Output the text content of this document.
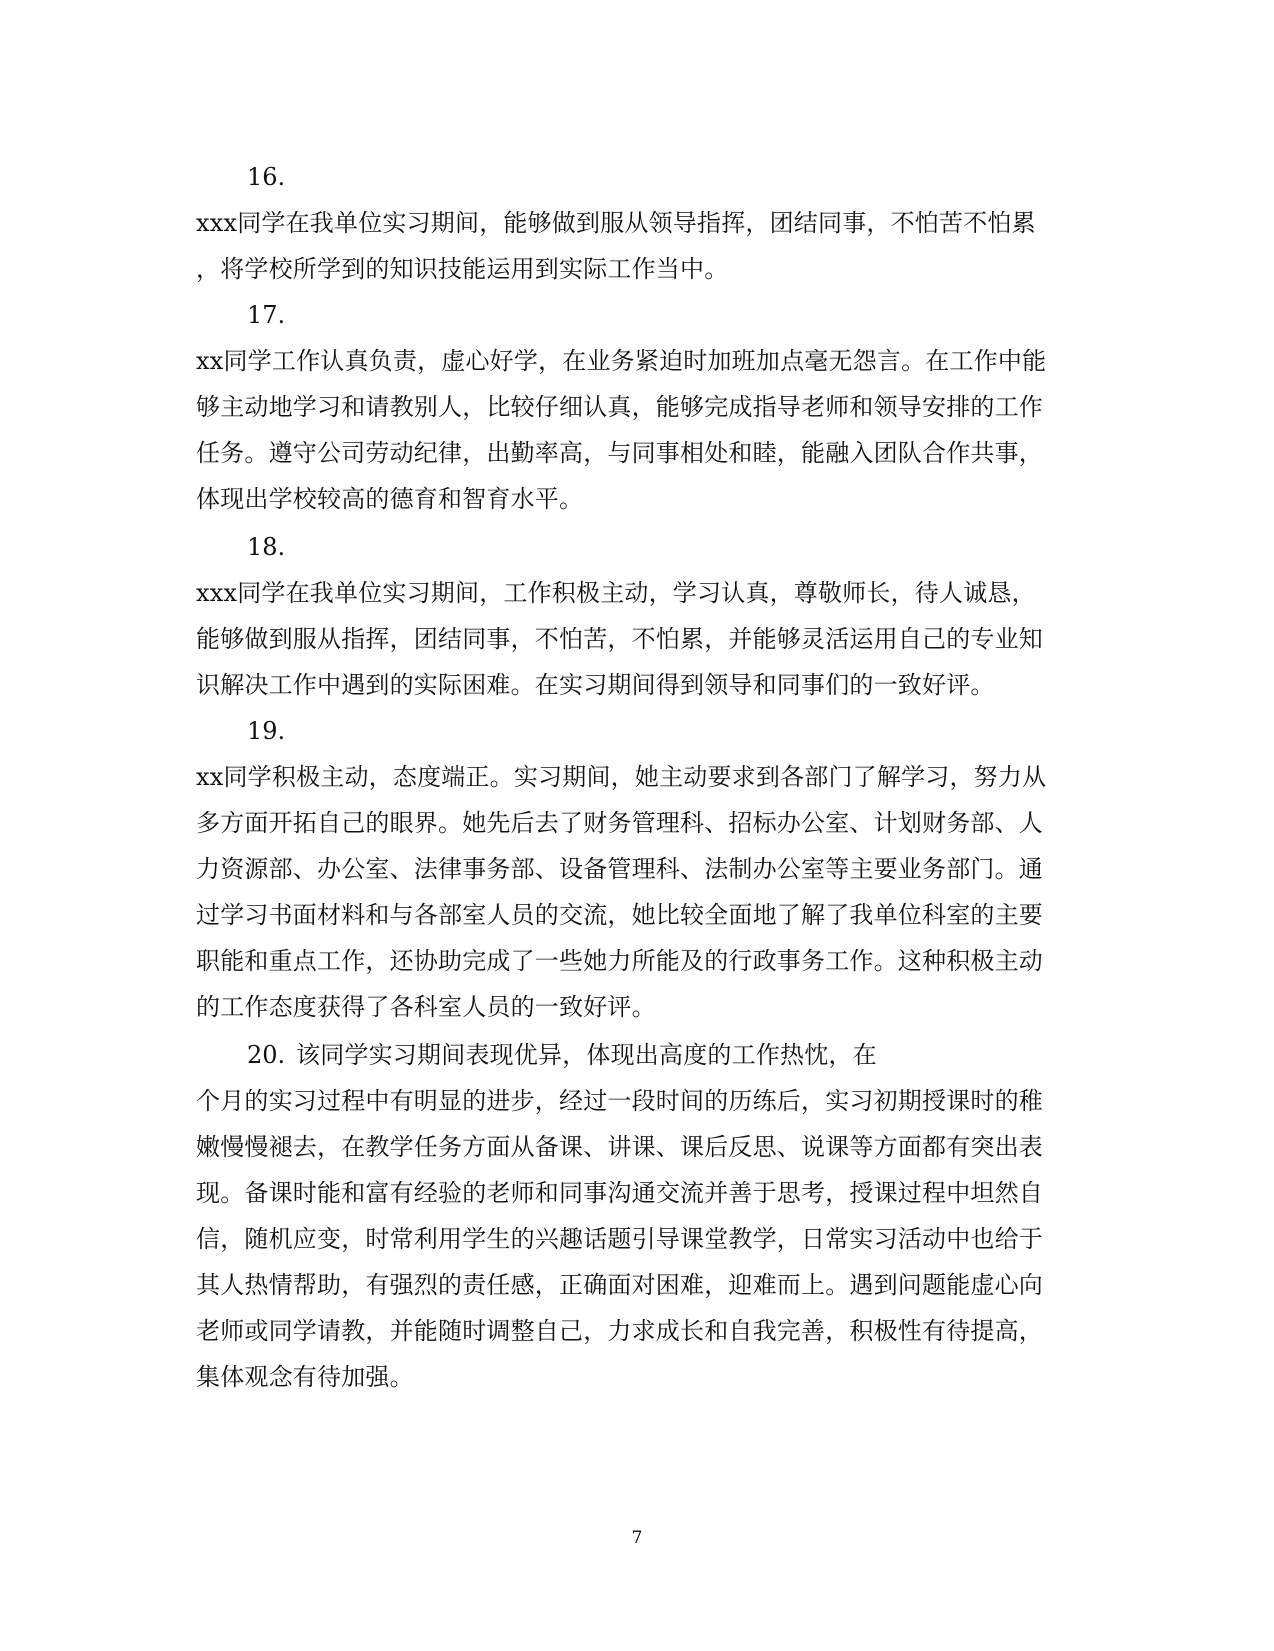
16.
xxx同学在我单位实习期间，能够做到服从领导指挥，团结同事，不怕苦不怕累
，将学校所学到的知识技能运用到实际工作当中。
17.
xx同学工作认真负责，虚心好学，在业务紧迫时加班加点毫无怨言。在工作中能
够主动地学习和请教别人，比较仔细认真，能够完成指导老师和领导安排的工作
任务。遵守公司劳动纪律，出勤率高，与同事相处和睦，能融入团队合作共事，
体现出学校较高的德育和智育水平。
18.
xxx同学在我单位实习期间，工作积极主动，学习认真，尊敬师长，待人诚恳，
能够做到服从指挥，团结同事，不怕苦，不怕累，并能够灵活运用自己的专业知
识解决工作中遇到的实际困难。在实习期间得到领导和同事们的一致好评。
19.
xx同学积极主动，态度端正。实习期间，她主动要求到各部门了解学习，努力从
多方面开拓自己的眼界。她先后去了财务管理科、招标办公室、计划财务部、人
力资源部、办公室、法律事务部、设备管理科、法制办公室等主要业务部门。通
过学习书面材料和与各部室人员的交流，她比较全面地了解了我单位科室的主要
职能和重点工作，还协助完成了一些她力所能及的行政事务工作。这种积极主动
的工作态度获得了各科室人员的一致好评。
20. 该同学实习期间表现优异，体现出高度的工作热忱，在
个月的实习过程中有明显的进步，经过一段时间的历练后，实习初期授课时的稚
嫩慢慢褪去，在教学任务方面从备课、讲课、课后反思、说课等方面都有突出表
现。备课时能和富有经验的老师和同事沟通交流并善于思考，授课过程中坦然自
信，随机应变，时常利用学生的兴趣话题引导课堂教学，日常实习活动中也给于
其人热情帮助，有强烈的责任感，正确面对困难，迎难而上。遇到问题能虚心向
老师或同学请教，并能随时调整自己，力求成长和自我完善，积极性有待提高，
集体观念有待加强。
7
